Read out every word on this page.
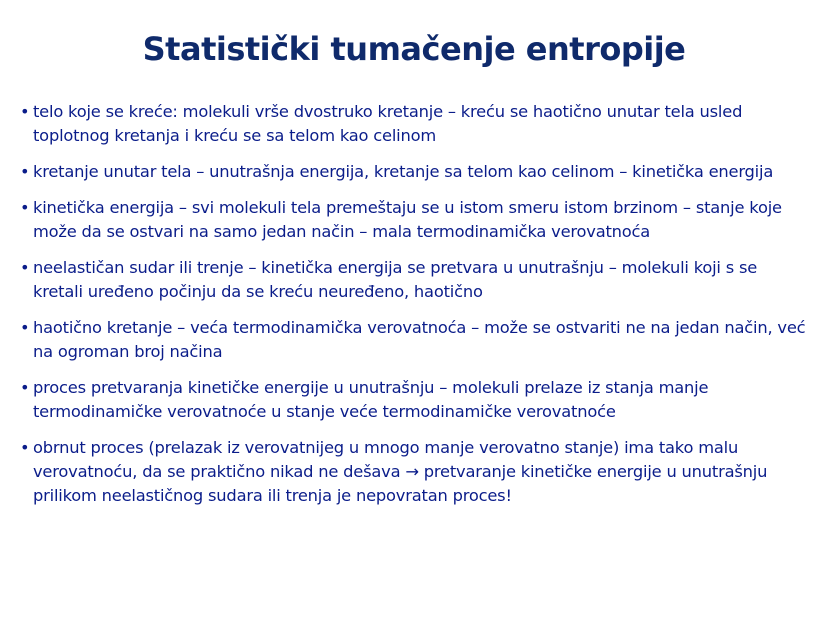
Statistički tumačenje entropije
• telo koje se kreće: molekuli vrše dvostruko kretanje – kreću se haotično unutar tela usled toplotnog kretanja i kreću se sa telom kao celinom
• kretanje unutar tela – unutrašnja energija, kretanje sa telom kao celinom – kinetička energija
• kinetička energija – svi molekuli tela premeštaju se u istom smeru istom brzinom – stanje koje može da se ostvari na samo jedan način – mala termodinamička verovatnoća
• neelastičan sudar ili trenje – kinetička energija se pretvara u unutrašnju – molekuli koji s se kretali uređeno počinju da se kreću neuređeno, haotično
• haotično kretanje – veća termodinamička verovatnoća – može se ostvariti ne na jedan način, već na ogroman broj načina
• proces pretvaranja kinetičke energije u unutrašnju – molekuli prelaze iz stanja manje termodinamičke verovatnoće u stanje veće termodinamičke verovatnoće
• obrnut proces (prelazak iz verovatnijeg u mnogo manje verovatno stanje) ima tako malu verovatnoću, da se praktično nikad ne dešava → pretvaranje kinetičke energije u unutrašnju prilikom neelastičnog sudara ili trenja je nepovratan proces!
